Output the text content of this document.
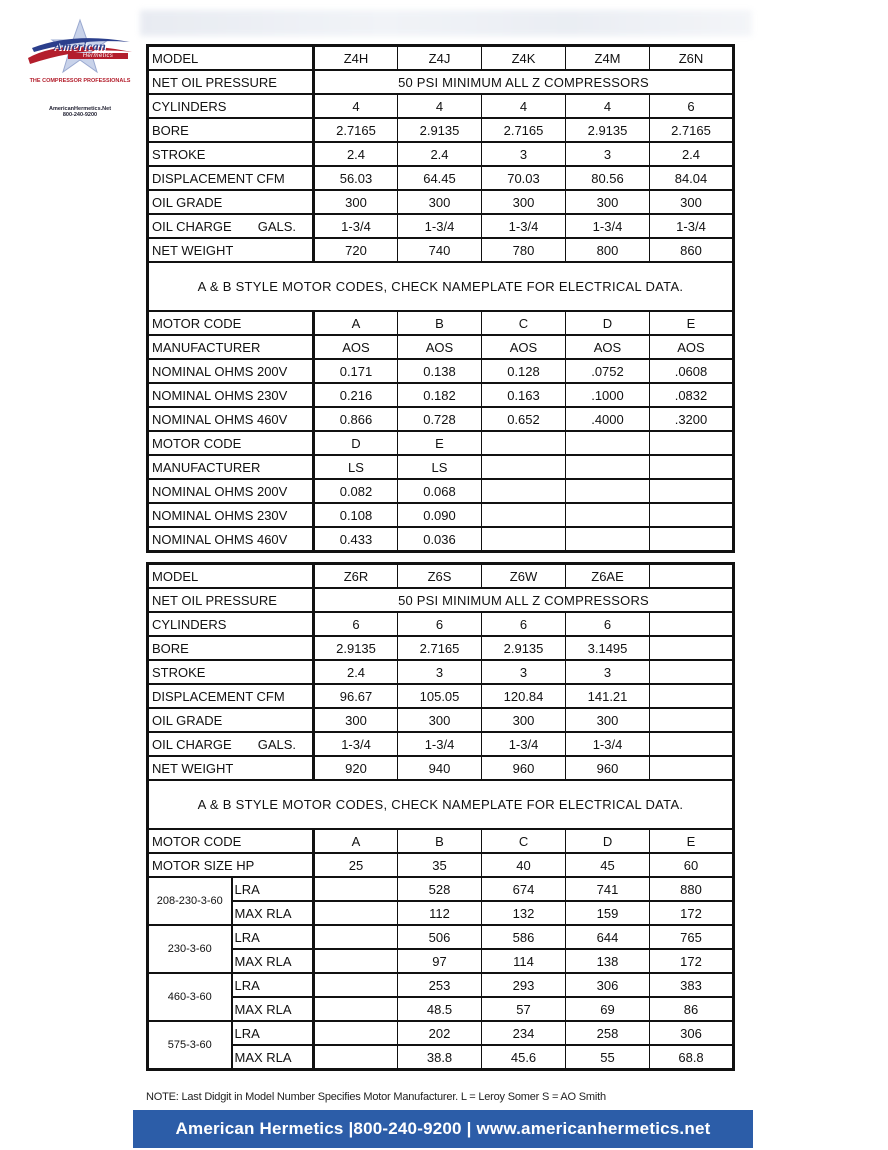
American
Hermetics
THE COMPRESSOR PROFESSIONALS
AmericanHermetics.Net
800-240-9200
MODEL	Z4H	Z4J	Z4K	Z4M	Z6N
NET OIL PRESSURE	50 PSI MINIMUM ALL Z COMPRESSORS				
CYLINDERS	4	4	4	4	6
BORE	2.7165	2.9135	2.7165	2.9135	2.7165
STROKE	2.4	2.4	3	3	2.4
DISPLACEMENT CFM	56.03	64.45	70.03	80.56	84.04
OIL GRADE	300	300	300	300	300

OIL CHARGE GALS.	1-3/4	1-3/4	1-3/4	1-3/4	1-3/4
NET WEIGHT	720	740	780	800	860
A & B STYLE MOTOR CODES, CHECK NAMEPLATE FOR ELECTRICAL DATA.					
MOTOR CODE	A	B	C	D	E
MANUFACTURER	AOS	AOS	AOS	AOS	AOS
NOMINAL OHMS 200V	0.171	0.138	0.128	.0752	.0608
NOMINAL OHMS 230V	0.216	0.182	0.163	.1000	.0832
NOMINAL OHMS 460V	0.866	0.728	0.652	.4000	.3200
MOTOR CODE	D	E			
MANUFACTURER	LS	LS			
NOMINAL OHMS 200V	0.082	0.068			
NOMINAL OHMS 230V	0.108	0.090			
NOMINAL OHMS 460V	0.433	0.036			
MODEL		Z6R	Z6S	Z6W	Z6AE	
NET OIL PRESSURE		50 PSI MINIMUM ALL Z COMPRESSORS				
CYLINDERS		6	6	6	6	
BORE		2.9135	2.7165	2.9135	3.1495	
STROKE		2.4	3	3	3	
DISPLACEMENT CFM		96.67	105.05	120.84	141.21	
OIL GRADE		300	300	300	300	

OIL CHARGE GALS.		1-3/4	1-3/4	1-3/4	1-3/4	
NET WEIGHT		920	940	960	960	
A & B STYLE MOTOR CODES, CHECK NAMEPLATE FOR ELECTRICAL DATA.						
MOTOR CODE		A	B	C	D	E
MOTOR SIZE HP		25	35	40	45	60
208-230-3-60	LRA		528	674	741	880
	MAX RLA		112	132	159	172
230-3-60	LRA		506	586	644	765
	MAX RLA		97	114	138	172
460-3-60	LRA		253	293	306	383
	MAX RLA		48.5	57	69	86
575-3-60	LRA		202	234	258	306
	MAX RLA		38.8	45.6	55	68.8
NOTE: Last Didgit in Model Number Specifies Motor Manufacturer. L = Leroy Somer S = AO Smith
American Hermetics |800-240-9200 | www.americanhermetics.net
